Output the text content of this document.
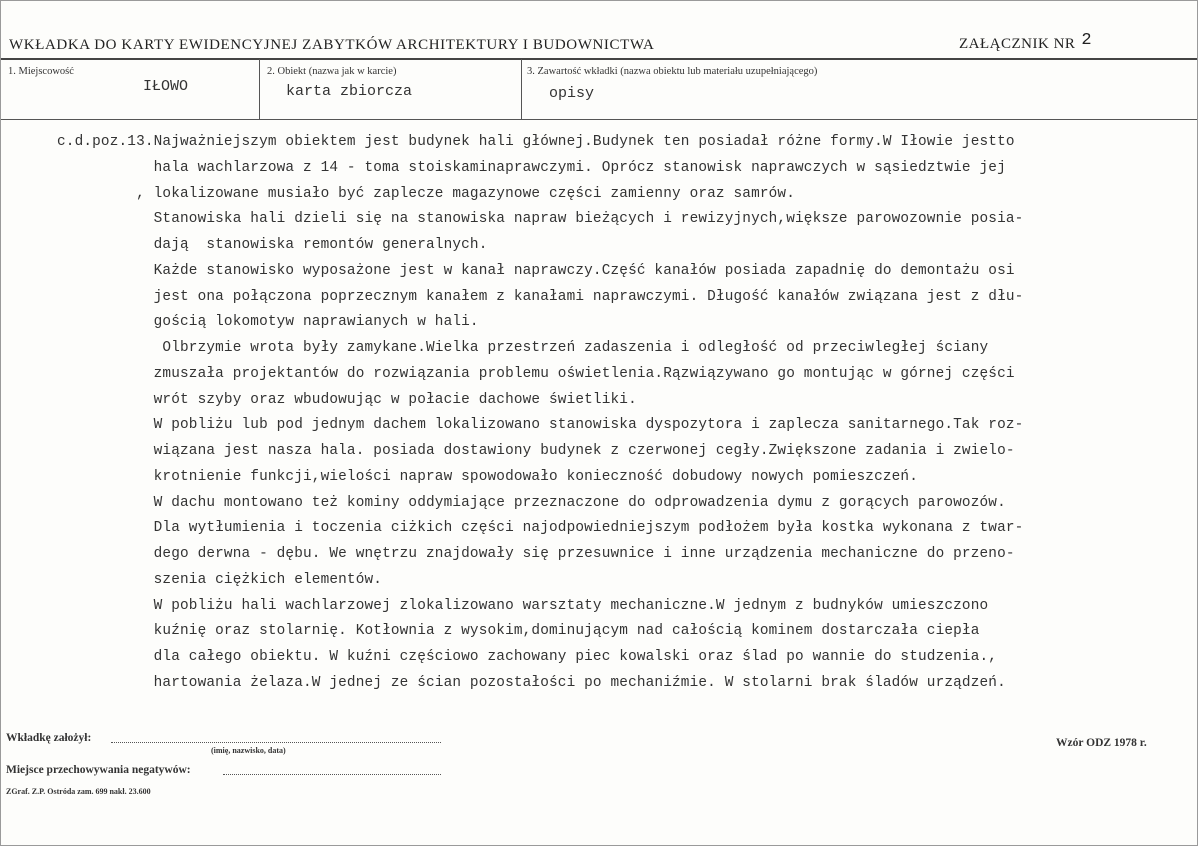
WKŁADKA DO KARTY EWIDENCYJNEJ ZABYTKÓW ARCHITEKTURY I BUDOWNICTWA	ZAŁĄCZNIK NR 2
1. Miejscowość
IŁOWO
2. Obiekt (nazwa jak w karcie)
karta zbiorcza
3. Zawartość wkładki (nazwa obiektu lub materiału uzupełniającego)
opisy
c.d.poz.13.Najważniejszym obiektem jest budynek hali głównej.Budynek ten posiadał różne formy.W Iłowie jestto
hala wachlarzowa z 14 - toma stoiskaminaprawczymi. Oprócz stanowisk naprawczych w sąsiedztwie jej
, lokalizowane musiało być zaplecze magazynowe części zamienny oraz samrów.
Stanowiska hali dzieli się na stanowiska napraw bieżących i rewizyjnych,większe parowozownie posia-
dają  stanowiska remontów generalnych.
Każde stanowisko wyposażone jest w kanał naprawczy.Część kanałów posiada zapadnię do demontażu osi
jest ona połączona poprzecznym kanałem z kanałami naprawczymi. Długość kanałów związana jest z dłu-
gością lokomotyw naprawianych w hali.
Olbrzymie wrota były zamykane.Wielka przestrzeń zadaszenia i odległość od przeciwległej ściany
zmuszała projektantów do rozwiązania problemu oświetlenia.Rązwiązywano go montując w górnej części
wrót szyby oraz wbudowując w połacie dachowe świetliki.
W pobliżu lub pod jednym dachem lokalizowano stanowiska dyspozytora i zaplecza sanitarnego.Tak roz-
wiązana jest nasza hala. posiada dostawiony budynek z czerwonej cegły.Zwiększone zadania i zwielo-
krotnienie funkcji,wielości napraw spowodowało konieczność dobudowy nowych pomieszczeń.
W dachu montowano też kominy oddymiające przeznaczone do odprowadzenia dymu z gorących parowozów.
Dla wytłumienia i toczenia ciżkich części najodpowiedniejszym podłożem była kostka wykonana z twar-
dego derwna - dębu. We wnętrzu znajdowały się przesuwnice i inne urządzenia mechaniczne do przeno-
szenia ciężkich elementów.
W pobliżu hali wachlarzowej zlokalizowano warsztaty mechaniczne.W jednym z budnyków umieszczono
kuźnię oraz stolarnię. Kotłownia z wysokim,dominującym nad całością kominem dostarczała ciepła
dla całego obiektu. W kuźni częściowo zachowany piec kowalski oraz ślad po wannie do studzenia.,
hartowania żelaza.W jednej ze ścian pozostałości po mechaniźmie. W stolarni brak śladów urządzeń.
Wkładkę założył:
(imię, nazwisko, data)
Miejsce przechowywania negatywów:
ZGraf. Z.P. Ostróda zam. 699 nakł. 23.600
Wzór ODZ 1978 r.
